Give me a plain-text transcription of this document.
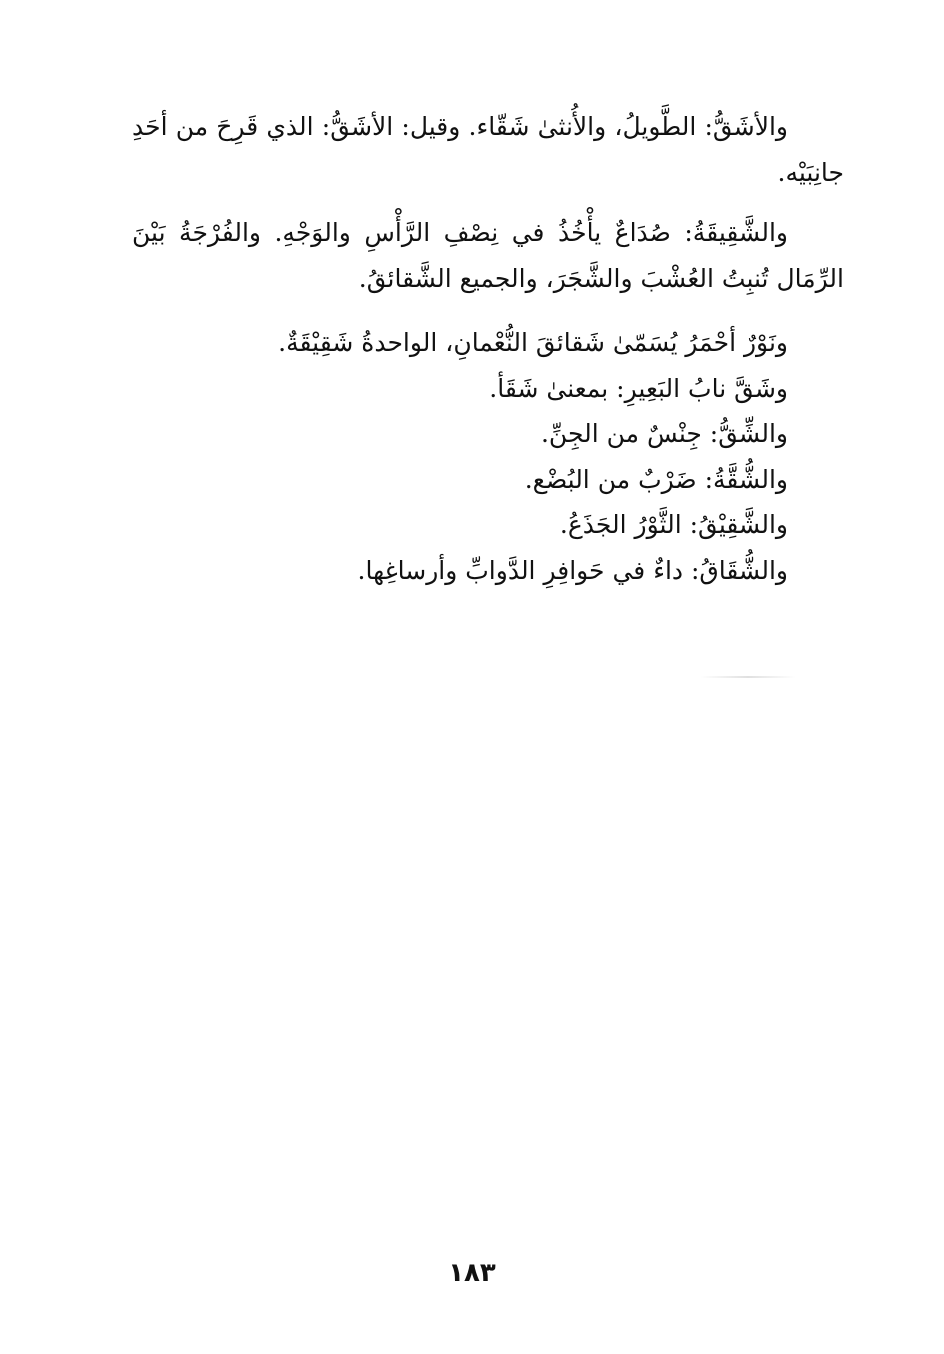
والأشَقُّ: الطَّويلُ، والأُنثىٰ شَقّاء. وقيل: الأشَقُّ: الذي قَرِحَ من أحَدِ جانِبَيْه.

والشَّقِيقَةُ: صُدَاعٌ يأْخُذُ في نِصْفِ الرَّأْسِ والوَجْهِ. والفُرْجَةُ بَيْنَ الرِّمَال تُنبِتُ العُشْبَ والشَّجَرَ، والجميع الشَّقائقُ.

ونَوْرٌ أحْمَرُ يُسَمّىٰ شَقائقَ النُّعْمانِ، الواحدةُ شَقِيْقَةٌ.
وشَقَّ نابُ البَعِيرِ: بمعنىٰ شَقَأ.
والشِّقُّ: جِنْسٌ من الجِنِّ.
والشُّقَّةُ: ضَرْبٌ من البُضْع.
والشَّقِيْقُ: الثَّوْرُ الجَذَعُ.
والشُّقَاقُ: داءٌ في حَوافِرِ الدَّوابِّ وأرساغِها.
١٨٣
